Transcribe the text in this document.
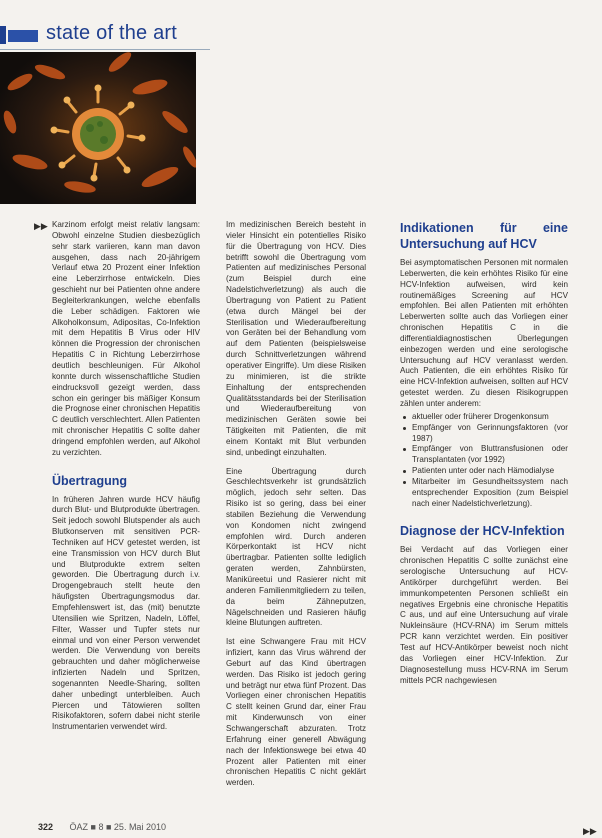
state of the art
▶▶ Karzinom erfolgt meist relativ langsam: Obwohl einzelne Studien diesbezüglich sehr stark variieren, kann man davon ausgehen, dass nach 20-jährigem Verlauf etwa 20 Prozent einer Infektion eine Leberzirrhose entwickeln. Dies geschieht nur bei Patienten ohne andere Begleiterkrankungen, welche ebenfalls die Leber schädigen. Faktoren wie Alkoholkonsum, Adipositas, Co-Infektion mit dem Hepatitis B Virus oder HIV können die Progression der chronischen Hepatitis C in Richtung Leberzirrhose deutlich beschleunigen. Für Alkohol konnte durch wissenschaftliche Studien eindrucksvoll gezeigt werden, dass schon ein geringer bis mäßiger Konsum die Prognose einer chronischen Hepatitis C deutlich verschlechtert. Allen Patienten mit chronischer Hepatitis C sollte daher dringend empfohlen werden, auf Alkohol zu verzichten.

Übertragung

In früheren Jahren wurde HCV häufig durch Blut- und Blutprodukte übertragen. Seit jedoch sowohl Blutspender als auch Blutkonserven mit sensitiven PCR-Techniken auf HCV getestet werden, ist eine Transmission von HCV durch Blut und Blutprodukte extrem selten geworden. Die Übertragung durch i.v. Drogengebrauch stellt heute den häufigsten Übertragungsmodus dar. Empfehlenswert ist, das (mit) benutzte Utensilien wie Spritzen, Nadeln, Löffel, Filter, Wasser und Tupfer stets nur einmal und von einer Person verwendet werden. Die Verwendung von bereits gebrauchten und daher möglicherweise infizierten Nadeln und Spritzen, sogenannten Needle-Sharing, sollten daher unbedingt unterbleiben. Auch Piercen und Tätowieren sollten Risikofaktoren, sofern dabei nicht sterile Instrumentarien verwendet wird.

Im medizinischen Bereich besteht in vieler Hinsicht ein potentielles Risiko für die Übertragung von HCV. Dies betrifft sowohl die Übertragung vom Patienten auf medizinisches Personal (zum Beispiel durch eine Nadelstichverletzung) als auch die Übertragung von Patient zu Patient (etwa durch Mängel bei der Sterilisation und Wiederaufbereitung von Geräten bei der Behandlung vom auf dem Patienten (beispielsweise durch Schnittverletzungen während operativer Eingriffe). Um diese Risiken zu minimieren, ist die strikte Einhaltung der entsprechenden Qualitätsstandards bei der Sterilisation und Wiederaufbereitung von medizinischen Geräten sowie bei Tätigkeiten mit Patienten, die mit einem Kontakt mit Blut verbunden sind, unbedingt einzuhalten.

Eine Übertragung durch Geschlechtsverkehr ist grundsätzlich möglich, jedoch sehr selten. Das Risiko ist so gering, dass bei einer stabilen Beziehung die Verwendung von Kondomen nicht zwingend empfohlen wird. Durch anderen Körperkontakt ist HCV nicht übertragbar. Patienten sollte lediglich geraten werden, Zahnbürsten, Maniküreetui und Rasierer nicht mit anderen Familienmitgliedern zu teilen, da beim Zähneputzen, Nägelschneiden und Rasieren häufig kleine Blutungen auftreten.

Ist eine Schwangere Frau mit HCV infiziert, kann das Virus während der Geburt auf das Kind übertragen werden. Das Risiko ist jedoch gering und beträgt nur etwa fünf Prozent. Das Vorliegen einer chronischen Hepatitis C stellt keinen Grund dar, einer Frau mit Kinderwunsch von einer Schwangerschaft abzuraten. Trotz Erfahrung einer generell Abwägung nach der Infektionswege bei etwa 40 Prozent aller Patienten mit einer chronischen Hepatitis C nicht geklärt werden.

Indikationen für eine Untersuchung auf HCV

Bei asymptomatischen Personen mit normalen Leberwerten, die kein erhöhtes Risiko für eine HCV-Infektion aufweisen, wird kein routinemäßiges Screening auf HCV empfohlen. Bei allen Patienten mit erhöhten Leberwerten sollte auch das Vorliegen einer chronischen Hepatitis C in die differentialdiagnostischen Überlegungen einbezogen werden und eine serologische Untersuchung auf HCV veranlasst werden. Auch Patienten, die ein erhöhtes Risiko für eine HCV-Infektion aufweisen, sollten auf HCV getestet werden. Zu diesen Risikogruppen zählen unter anderem:

aktueller oder früherer Drogenkonsum
Empfänger von Gerinnungsfaktoren (vor 1987)
Empfänger von Bluttransfusionen oder Transplantaten (vor 1992)
Patienten unter oder nach Hämodialyse
Mitarbeiter im Gesundheitssystem nach entsprechender Exposition (zum Beispiel nach einer Nadelstichverletzung).
Diagnose der HCV-Infektion

Bei Verdacht auf das Vorliegen einer chronischen Hepatitis C sollte zunächst eine serologische Untersuchung auf HCV-Antikörper durchgeführt werden. Bei immunkompetenten Personen schließt ein negatives Ergebnis eine chronische Hepatitis C aus, und auf eine Untersuchung auf virale Nukleinsäure (HCV-RNA) im Serum mittels PCR kann verzichtet werden. Ein positiver Test auf HCV-Antikörper beweist noch nicht das Vorliegen einer HCV-Infektion. Zur Diagnosestellung muss HCV-RNA im Serum mittels PCR nachgewiesen

▶▶
322 ÖAZ ■ 8 ■ 25. Mai 2010
